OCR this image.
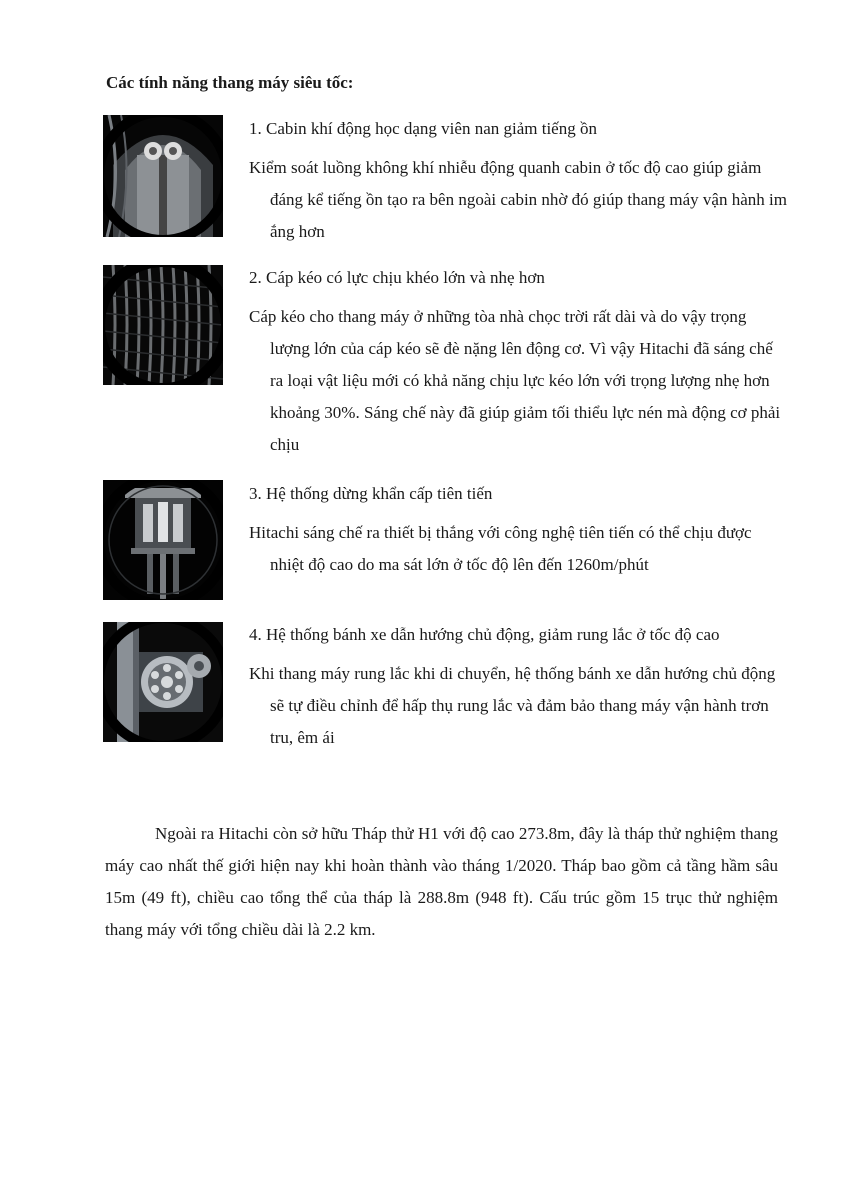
Các tính năng thang máy siêu tốc:

1. Cabin khí động học dạng viên nan giảm tiếng ồn

Kiểm soát luồng không khí nhiễu động quanh cabin ở tốc độ cao giúp giảm đáng kể tiếng ồn tạo ra bên ngoài cabin nhờ đó giúp thang máy vận hành im ắng hơn

2. Cáp kéo có lực chịu khéo lớn và nhẹ hơn

Cáp kéo cho thang máy ở những tòa nhà chọc trời rất dài và do vậy trọng lượng lớn của cáp kéo sẽ đè nặng lên động cơ. Vì vậy Hitachi đã sáng chế ra loại vật liệu mới có khả năng chịu lực kéo lớn với trọng lượng nhẹ hơn khoảng 30%. Sáng chế này đã giúp giảm tối thiểu lực nén mà động cơ phải chịu

3. Hệ thống dừng khẩn cấp tiên tiến

Hitachi sáng chế ra thiết bị thắng với công nghệ tiên tiến có thể chịu được nhiệt độ cao do ma sát lớn ở tốc độ lên đến 1260m/phút

4. Hệ thống bánh xe dẫn hướng chủ động, giảm rung lắc ở tốc độ cao

Khi thang máy rung lắc khi di chuyển, hệ thống bánh xe dẫn hướng chủ động sẽ tự điều chỉnh để hấp thụ rung lắc và đảm bảo thang máy vận hành trơn tru, êm ái

Ngoài ra Hitachi còn sở hữu Tháp thử H1 với độ cao 273.8m, đây là tháp thử nghiệm thang máy cao nhất thế giới hiện nay khi hoàn thành vào tháng 1/2020. Tháp bao gồm cả tầng hầm sâu 15m (49 ft), chiều cao tổng thể của tháp là 288.8m (948 ft). Cấu trúc gồm 15 trục thử nghiệm thang máy với tổng chiều dài là 2.2 km.
